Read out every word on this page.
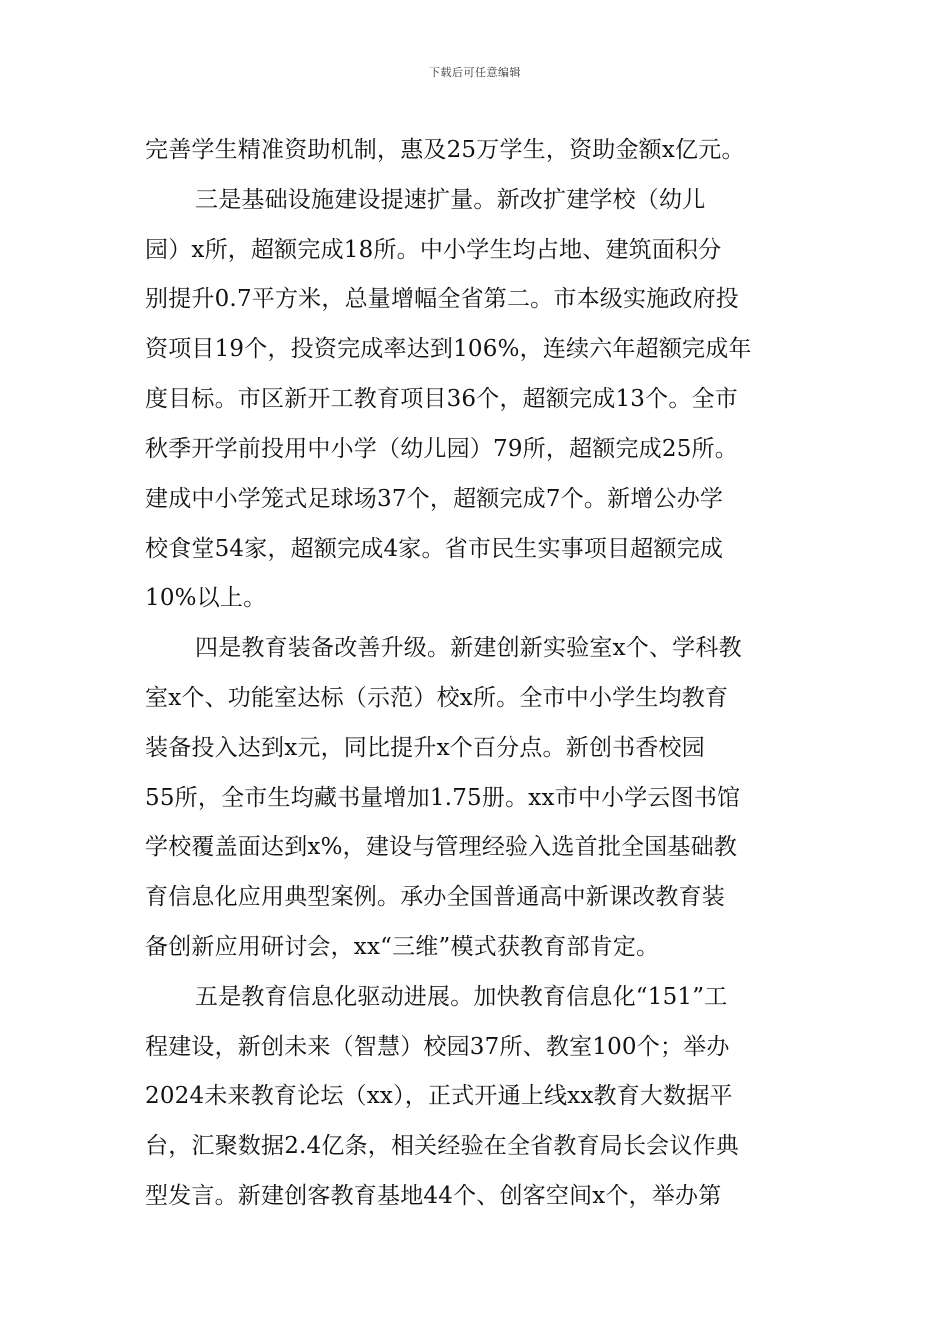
下载后可任意编辑
完善学生精准资助机制，惠及25万学生，资助金额x亿元。
三是基础设施建设提速扩量。新改扩建学校（幼儿
园）x所，超额完成18所。中小学生均占地、建筑面积分
别提升0.7平方米，总量增幅全省第二。市本级实施政府投
资项目19个，投资完成率达到106%，连续六年超额完成年
度目标。市区新开工教育项目36个，超额完成13个。全市
秋季开学前投用中小学（幼儿园）79所，超额完成25所。
建成中小学笼式足球场37个，超额完成7个。新增公办学
校食堂54家，超额完成4家。省市民生实事项目超额完成
10%以上。
四是教育装备改善升级。新建创新实验室x个、学科教
室x个、功能室达标（示范）校x所。全市中小学生均教育
装备投入达到x元，同比提升x个百分点。新创书香校园
55所，全市生均藏书量增加1.75册。xx市中小学云图书馆
学校覆盖面达到x%，建设与管理经验入选首批全国基础教
育信息化应用典型案例。承办全国普通高中新课改教育装
备创新应用研讨会，xx“三维”模式获教育部肯定。
五是教育信息化驱动进展。加快教育信息化“151”工
程建设，新创未来（智慧）校园37所、教室100个；举办
2024未来教育论坛（xx），正式开通上线xx教育大数据平
台，汇聚数据2.4亿条，相关经验在全省教育局长会议作典
型发言。新建创客教育基地44个、创客空间x个，举办第
